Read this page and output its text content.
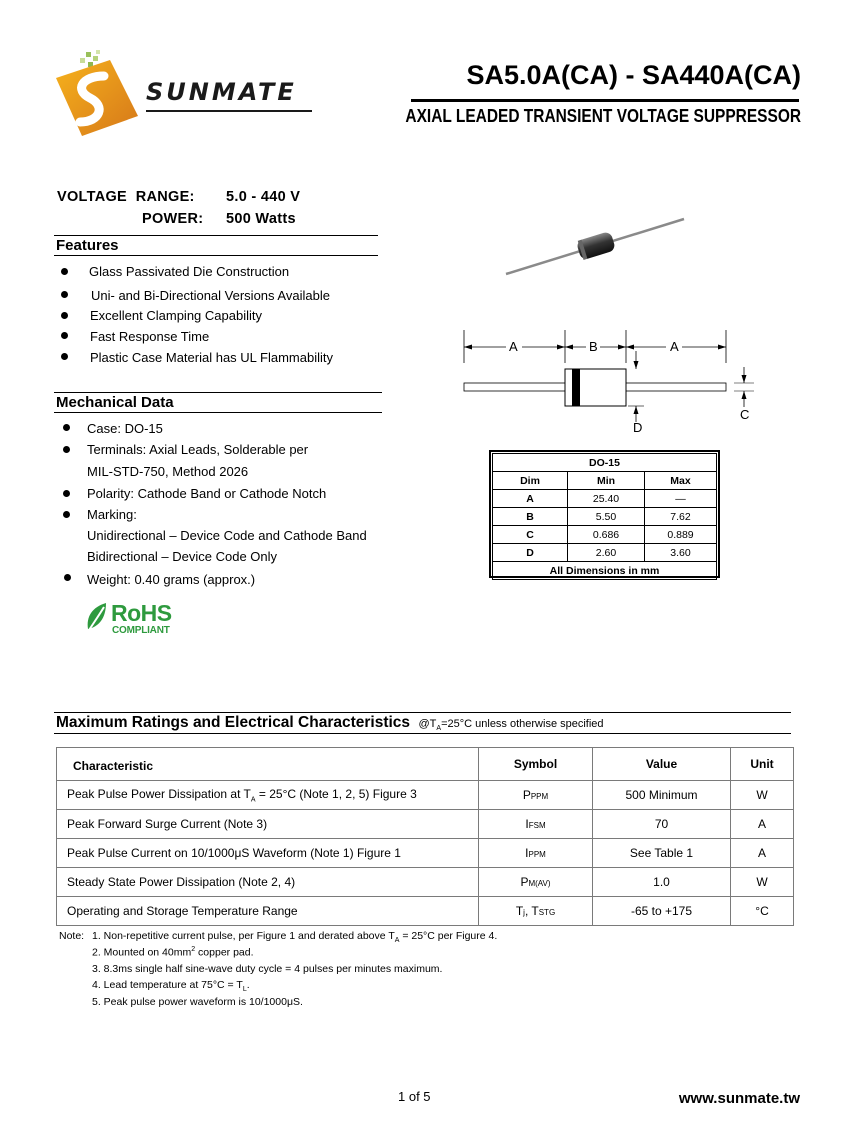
SUNMATE
SA5.0A(CA) - SA440A(CA)
AXIAL LEADED TRANSIENT VOLTAGE SUPPRESSOR
VOLTAGE  RANGE: 5.0 - 440 V
POWER: 500 Watts
Features
Glass Passivated Die Construction
Uni- and Bi-Directional Versions Available
Excellent Clamping Capability
Fast Response Time
Plastic Case Material has UL Flammability
Mechanical Data
Case: DO-15
Terminals: Axial Leads, Solderable per
MIL-STD-750, Method 2026
Polarity: Cathode Band or Cathode Notch
Marking:
Unidirectional – Device Code and Cathode Band
Bidirectional – Device Code Only
Weight: 0.40 grams (approx.)
RoHS
COMPLIANT
A	B	A
C
D
DO-15		
Dim	Min	Max
A	25.40	—
B	5.50	7.62
C	0.686	0.889
D	2.60	3.60
All Dimensions in mm		
Maximum Ratings and Electrical Characteristics $@T_A=25^\circ C$ unless otherwise specified
Characteristic	Symbol	Value	Unit
Peak Pulse Power Dissipation at $T_A = 25^\circ C$ (Note 1, 2, 5) Figure 3	PPPM	500 Minimum	W
Peak Forward Surge Current (Note 3)	IFSM	70	A
Peak Pulse Current on 10/1000μS Waveform (Note 1) Figure 1	IPPM	See Table 1	A
Steady State Power Dissipation (Note 2, 4)	PM(AV)	1.0	W
Operating and Storage Temperature Range	Tj, TSTG	-65 to +175	°C
Note: 1. Non-repetitive current pulse, per Figure 1 and derated above $T_A = 25^\circ C$ per Figure 4.
2. Mounted on $40mm^2$ copper pad.
3. 8.3ms single half sine-wave duty cycle = 4 pulses per minutes maximum.
4. Lead temperature at $75^\circ C = T_L$.
5. Peak pulse power waveform is 10/1000μS.
1 of 5	www.sunmate.tw
